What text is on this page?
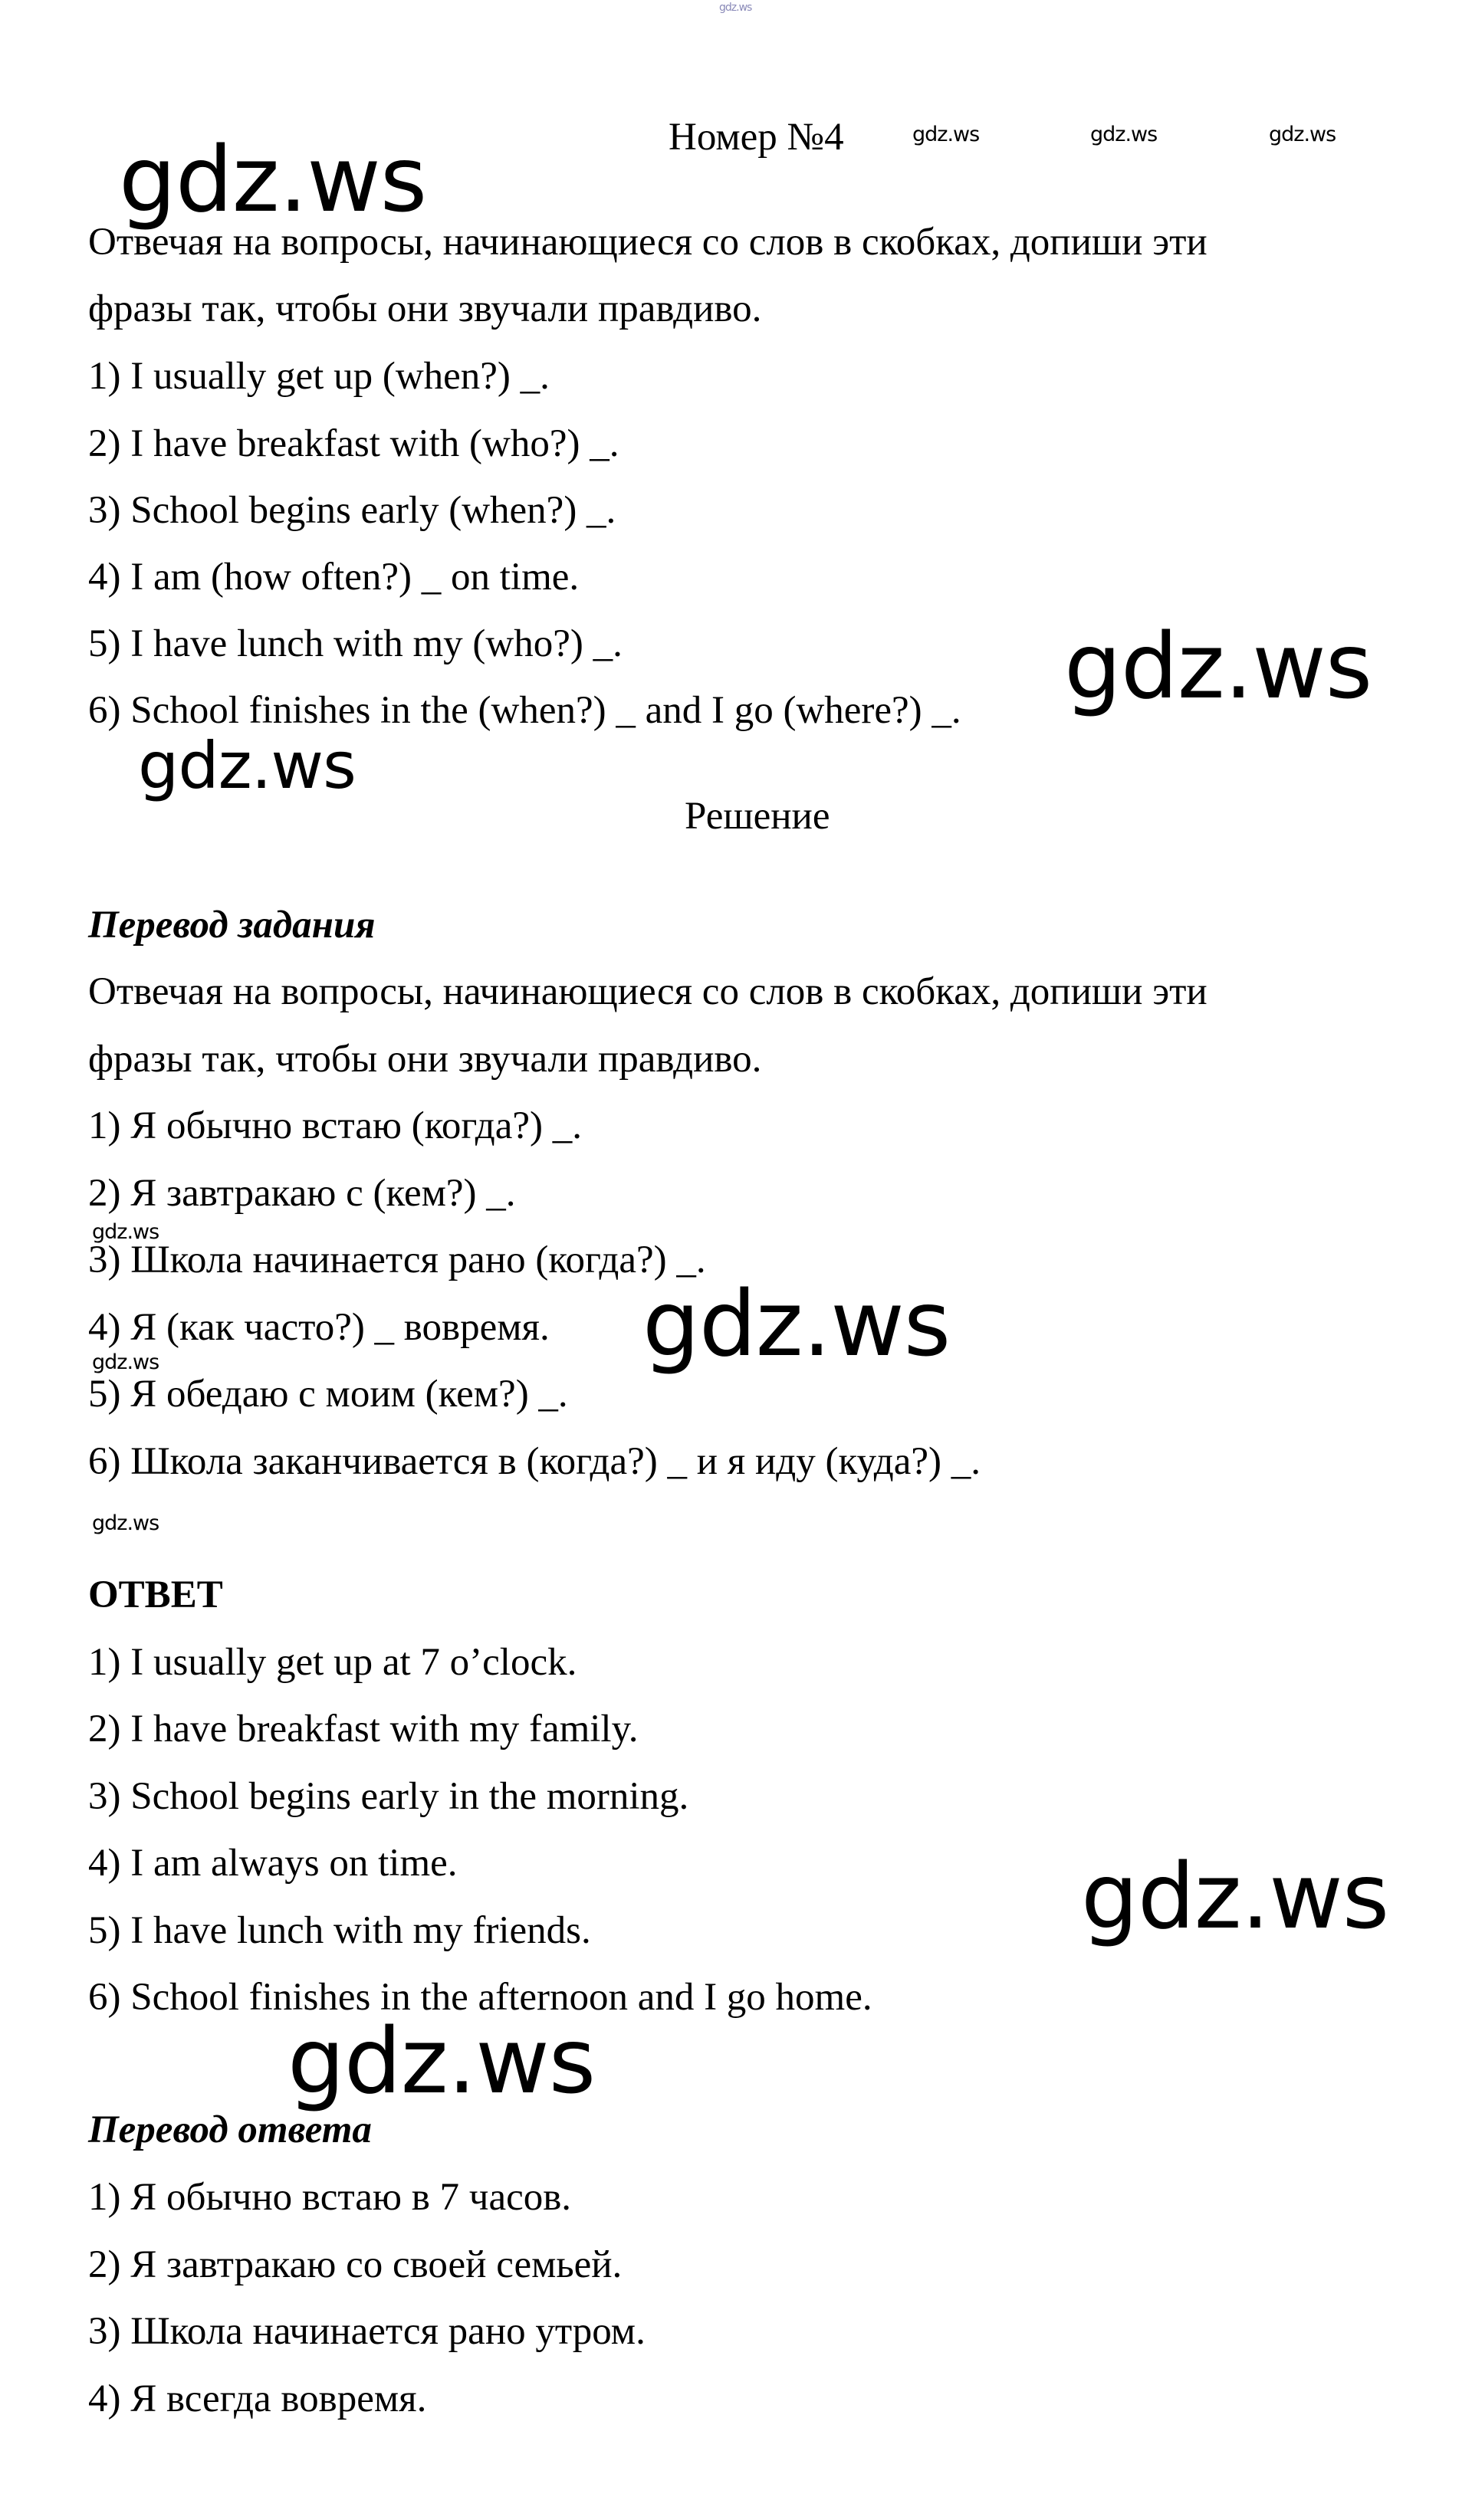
gdz.ws
Номер №4	gdz.ws	gdz.ws	gdz.ws
Отвечая на вопросы, начинающиеся со слов в скобках, допиши эти
фразы так, чтобы они звучали правдиво.
1) I usually get up (when?) _.
2) I have breakfast with (who?) _.
3) School begins early (when?) _.
4) I am (how often?) _ on time.
5) I have lunch with my (who?) _.
6) School finishes in the (when?) _ and I go (where?) _.
gdz.ws
gdz.ws
gdz.ws
Решение
Перевод задания
Отвечая на вопросы, начинающиеся со слов в скобках, допиши эти
фразы так, чтобы они звучали правдиво.
1) Я обычно встаю (когда?) _.
2) Я завтракаю с (кем?) _.
3) Школа начинается рано (когда?) _.
4) Я (как часто?) _ вовремя.
5) Я обедаю с моим (кем?) _.
6) Школа заканчивается в (когда?) _ и я иду (куда?) _.
gdz.ws
gdz.ws	gdz.ws
gdz.ws
ОТВЕТ
1) I usually get up at 7 o’clock.
2) I have breakfast with my family.
3) School begins early in the morning.
4) I am always on time.
5) I have lunch with my friends.
6) School finishes in the afternoon and I go home.
gdz.ws
gdz.ws
Перевод ответа
1) Я обычно встаю в 7 часов.
2) Я завтракаю со своей семьей.
3) Школа начинается рано утром.
4) Я всегда вовремя.
